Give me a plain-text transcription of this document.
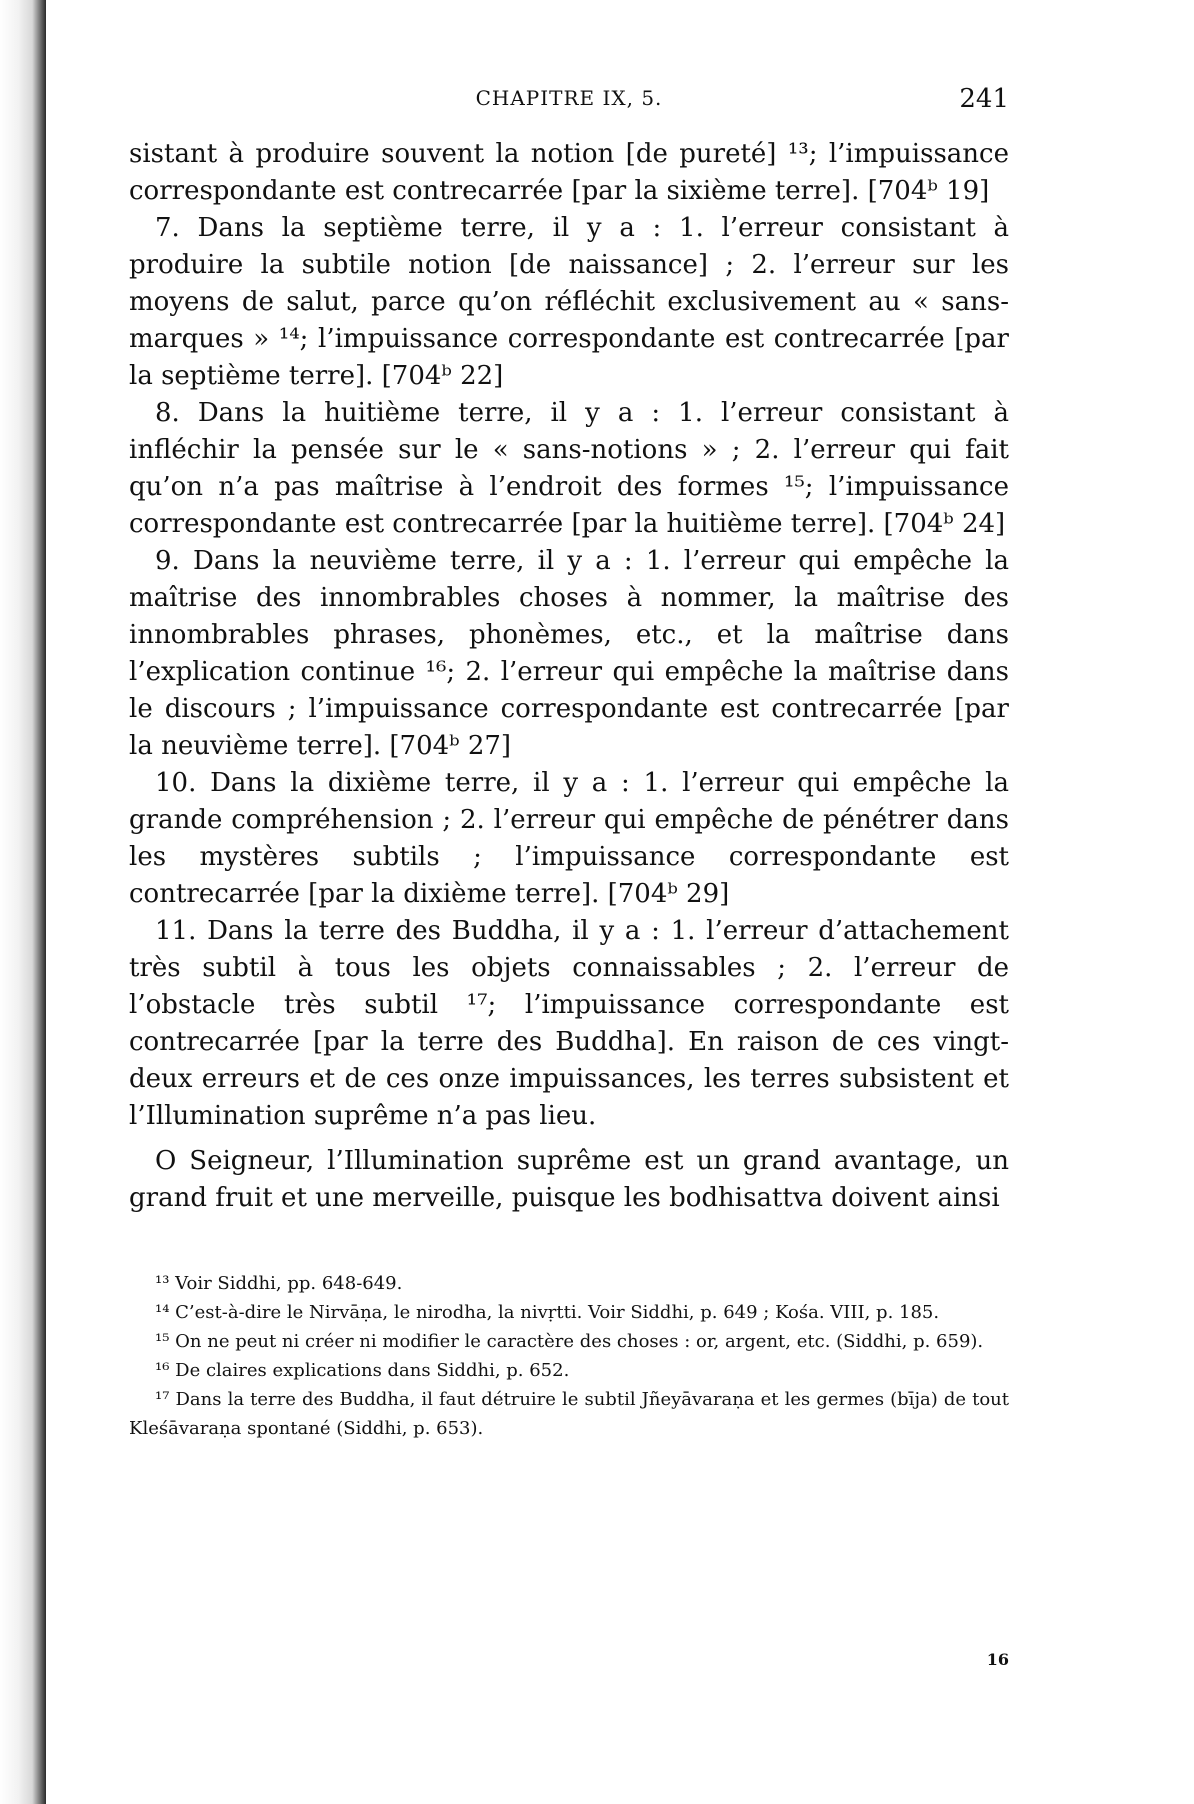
CHAPITRE IX, 5.	241

sistant à produire souvent la notion [de pureté] ¹³; l’impuissance correspondante est contrecarrée [par la sixième terre]. [704ᵇ 19]

7. Dans la septième terre, il y a : 1. l’erreur consistant à produire la subtile notion [de naissance] ; 2. l’erreur sur les moyens de salut, parce qu’on réfléchit exclusivement au « sans-marques » ¹⁴; l’impuissance correspondante est contrecarrée [par la septième terre]. [704ᵇ 22]

8. Dans la huitième terre, il y a : 1. l’erreur consistant à infléchir la pensée sur le « sans-notions » ; 2. l’erreur qui fait qu’on n’a pas maîtrise à l’endroit des formes ¹⁵; l’impuissance correspondante est contrecarrée [par la huitième terre]. [704ᵇ 24]

9. Dans la neuvième terre, il y a : 1. l’erreur qui empêche la maîtrise des innombrables choses à nommer, la maîtrise des innombrables phrases, phonèmes, etc., et la maîtrise dans l’explication continue ¹⁶; 2. l’erreur qui empêche la maîtrise dans le discours ; l’impuissance correspondante est contrecarrée [par la neuvième terre]. [704ᵇ 27]

10. Dans la dixième terre, il y a : 1. l’erreur qui empêche la grande compréhension ; 2. l’erreur qui empêche de pénétrer dans les mystères subtils ; l’impuissance correspondante est contrecarrée [par la dixième terre]. [704ᵇ 29]

11. Dans la terre des Buddha, il y a : 1. l’erreur d’attachement très subtil à tous les objets connaissables ; 2. l’erreur de l’obstacle très subtil ¹⁷; l’impuissance correspondante est contrecarrée [par la terre des Buddha]. En raison de ces vingt-deux erreurs et de ces onze impuissances, les terres subsistent et l’Illumination suprême n’a pas lieu.

O Seigneur, l’Illumination suprême est un grand avantage, un grand fruit et une merveille, puisque les bodhisattva doivent ainsi

¹³ Voir Siddhi, pp. 648-649.

¹⁴ C’est-à-dire le Nirvāṇa, le nirodha, la nivṛtti. Voir Siddhi, p. 649 ; Kośa. VIII, p. 185.

¹⁵ On ne peut ni créer ni modifier le caractère des choses : or, argent, etc. (Siddhi, p. 659).

¹⁶ De claires explications dans Siddhi, p. 652.

¹⁷ Dans la terre des Buddha, il faut détruire le subtil Jñeyāvaraṇa et les germes (bīja) de tout Kleśāvaraṇa spontané (Siddhi, p. 653).

16
